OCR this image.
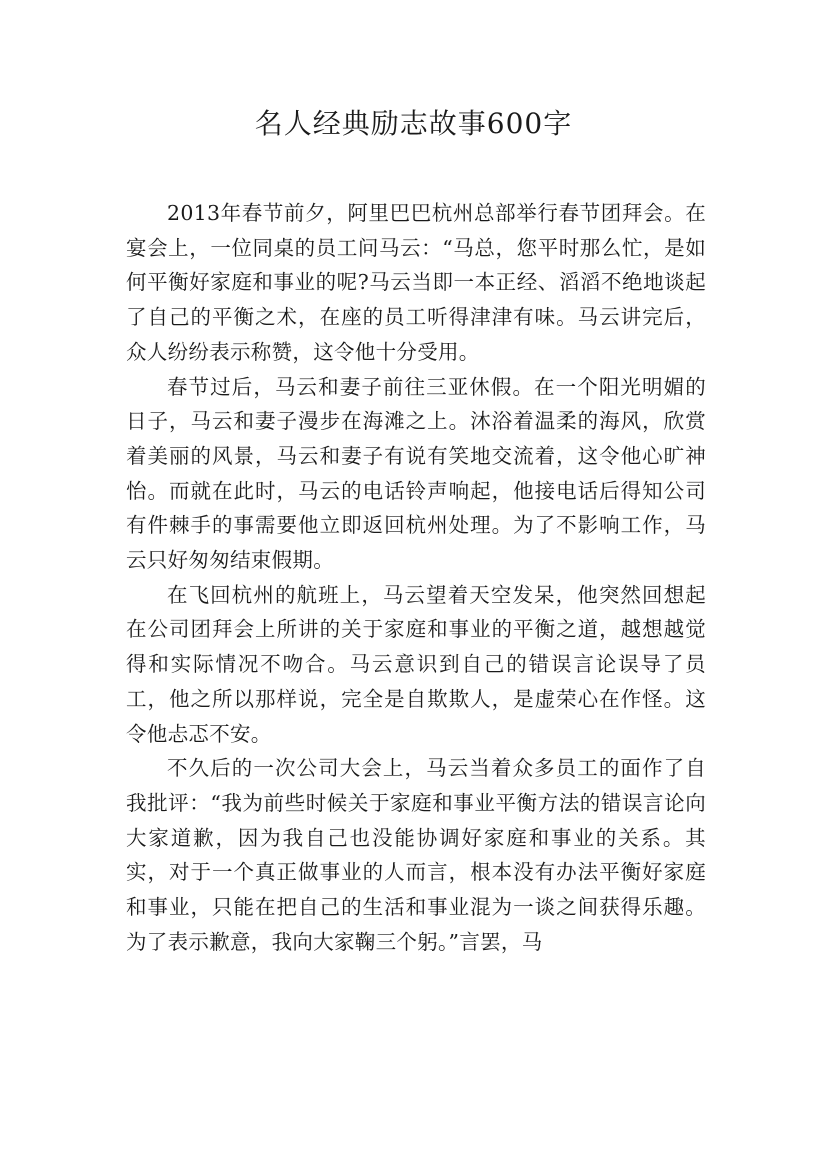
名人经典励志故事600字

2013年春节前夕，阿里巴巴杭州总部举行春节团拜会。在宴会上，一位同桌的员工问马云：“马总，您平时那么忙，是如何平衡好家庭和事业的呢?马云当即一本正经、滔滔不绝地谈起了自己的平衡之术，在座的员工听得津津有味。马云讲完后，众人纷纷表示称赞，这令他十分受用。

春节过后，马云和妻子前往三亚休假。在一个阳光明媚的日子，马云和妻子漫步在海滩之上。沐浴着温柔的海风，欣赏着美丽的风景，马云和妻子有说有笑地交流着，这令他心旷神怡。而就在此时，马云的电话铃声响起，他接电话后得知公司有件棘手的事需要他立即返回杭州处理。为了不影响工作，马云只好匆匆结束假期。

在飞回杭州的航班上，马云望着天空发呆，他突然回想起在公司团拜会上所讲的关于家庭和事业的平衡之道，越想越觉得和实际情况不吻合。马云意识到自己的错误言论误导了员工，他之所以那样说，完全是自欺欺人，是虚荣心在作怪。这令他忐忑不安。

不久后的一次公司大会上，马云当着众多员工的面作了自我批评：“我为前些时候关于家庭和事业平衡方法的错误言论向大家道歉，因为我自己也没能协调好家庭和事业的关系。其实，对于一个真正做事业的人而言，根本没有办法平衡好家庭和事业，只能在把自己的生活和事业混为一谈之间获得乐趣。为了表示歉意，我向大家鞠三个躬。”言罢，马
